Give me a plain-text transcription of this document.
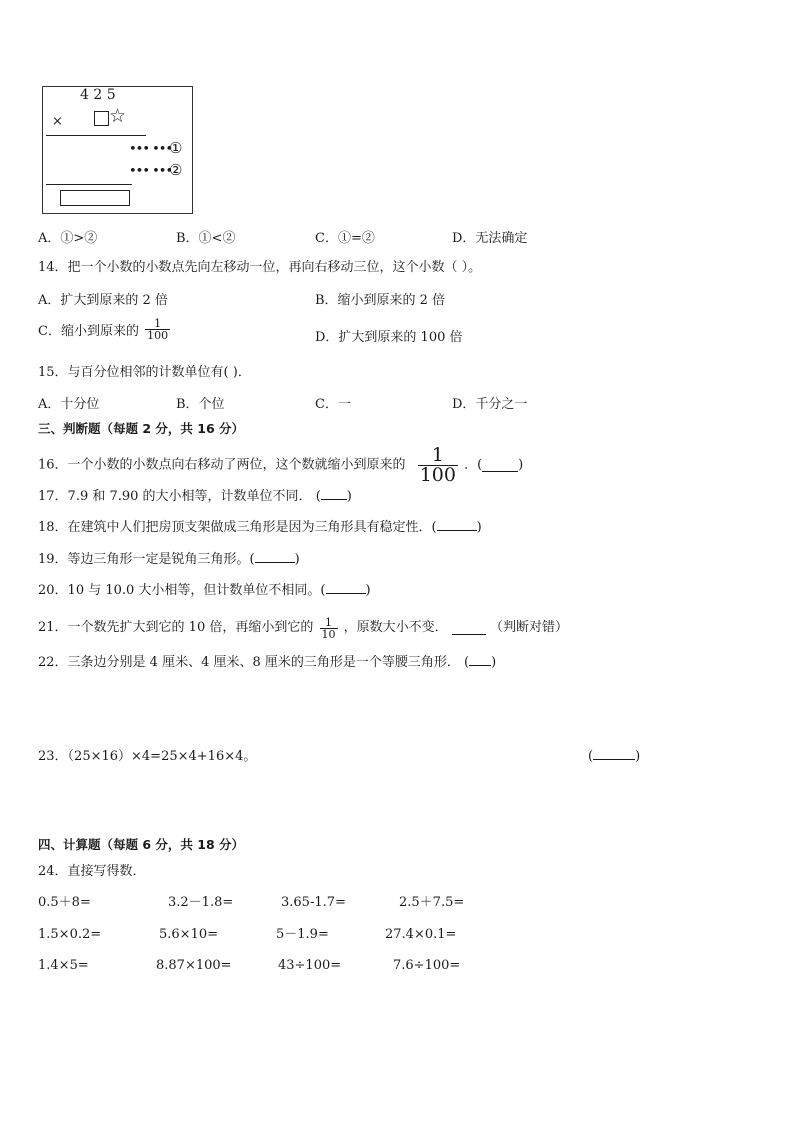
4 2 5
× ☆
••• •••
①
••• •••
②
A．①>②	B．①<②	C．①=②	D．无法确定
14．把一个小数的小数点先向左移动一位，再向右移动三位，这个小数（ ）。
A．扩大到原来的 2 倍	B．缩小到原来的 2 倍
C．缩小到原来的 $\frac{1}{100}$	D．扩大到原来的 100 倍
15．与百分位相邻的计数单位有( )．
A．十分位	B．个位	C．一	D．千分之一
三、判断题（每题 2 分，共 16 分）
16．一个小数的小数点向右移动了两位，这个数就缩小到原来的 $\frac{1}{100}$ ．(	)
17．7.9 和 7.90 的大小相等，计数单位不同． ( )
18．在建筑中人们把房顶支架做成三角形是因为三角形具有稳定性．(	)
19．等边三角形一定是锐角三角形。(	)
20．10 与 10.0 大小相等，但计数单位不相同。(	)
21．一个数先扩大到它的 10 倍，再缩小到它的 $\frac{1}{10}$ ，原数大小不变．	（判断对错）
22．三条边分别是 4 厘米、4 厘米、8 厘米的三角形是一个等腰三角形． ( )
23．（25×16）×4=25×4+16×4。	(	)
四、计算题（每题 6 分，共 18 分）
24．直接写得数．
0.5＋8=	3.2－1.8=	3.65-1.7=	2.5＋7.5=
1.5×0.2=	5.6×10=	5－1.9=	27.4×0.1=
1.4×5=	8.87×100=	43÷100=	7.6÷100=
